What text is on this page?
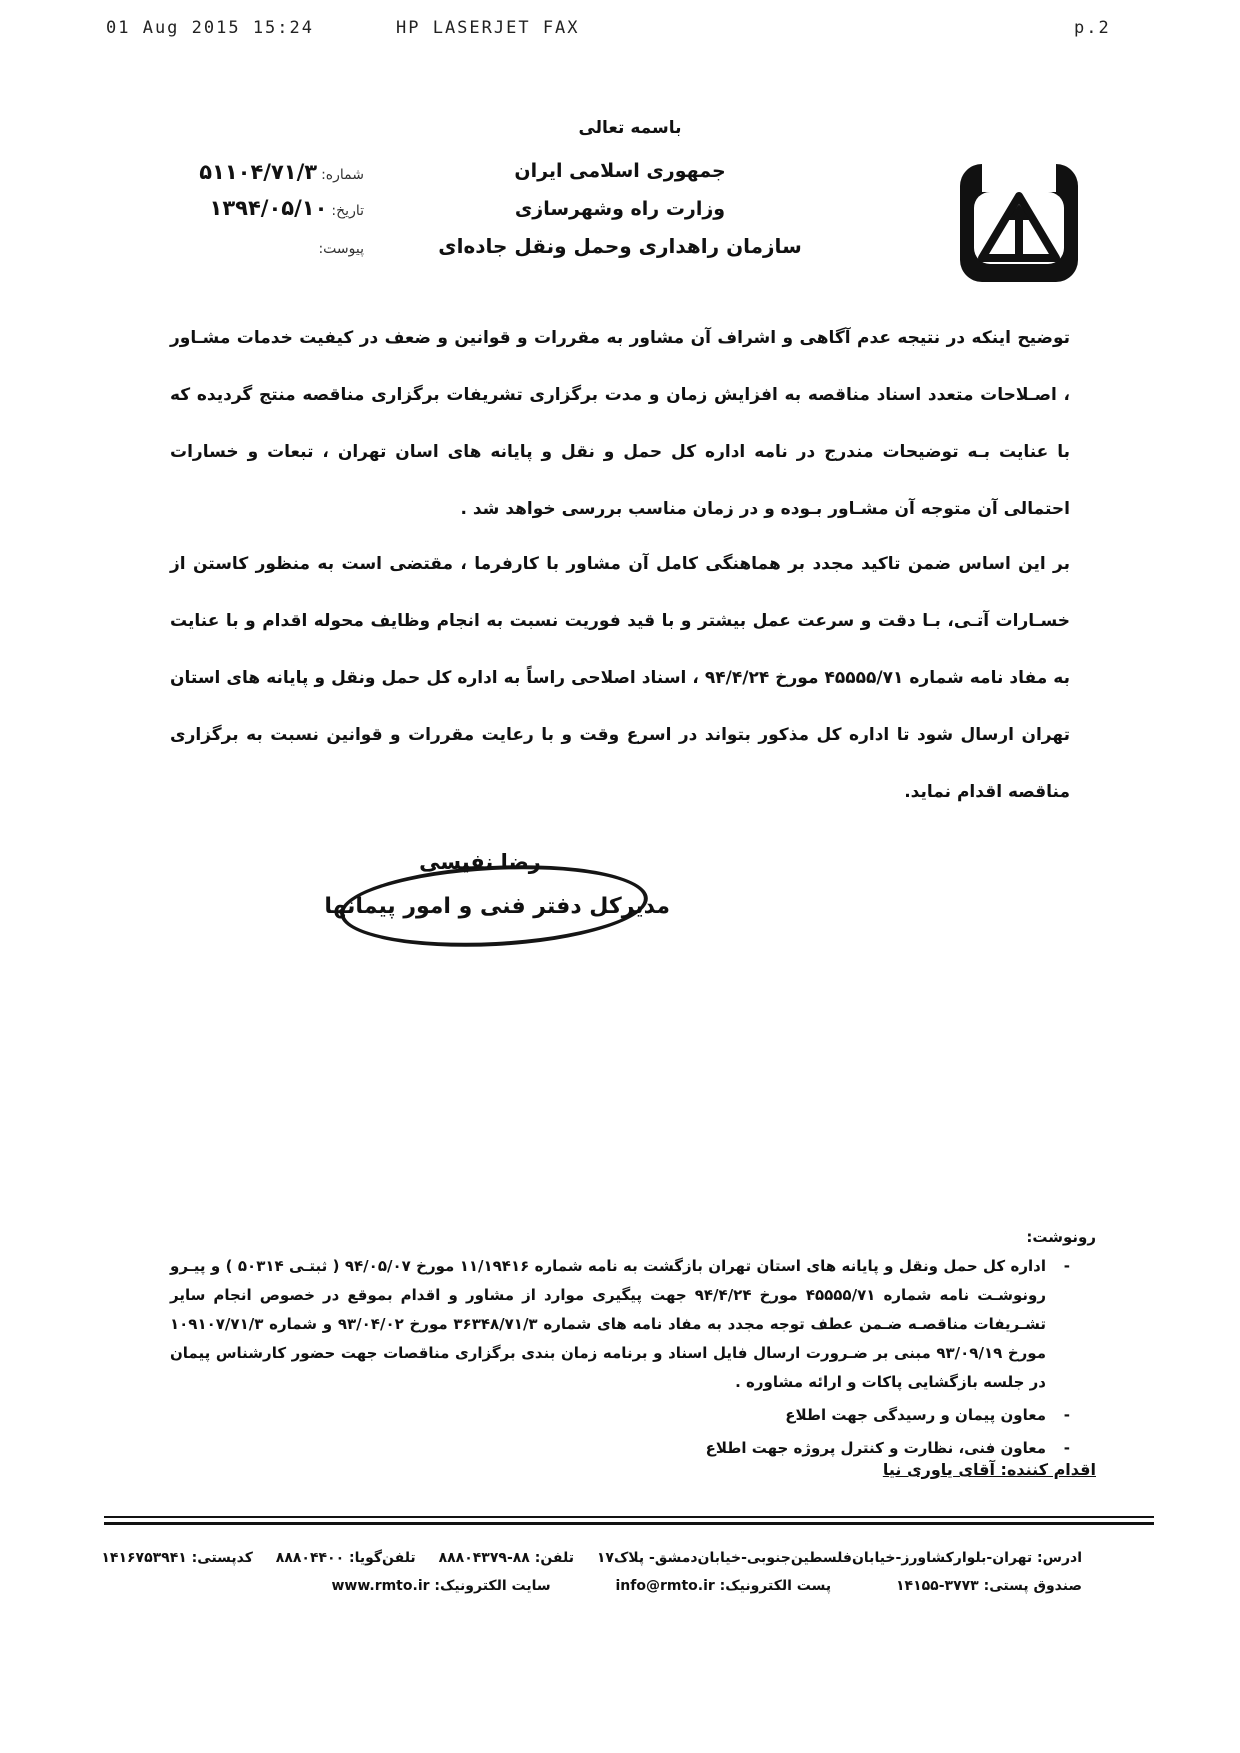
01 Aug 2015 15:24	HP LASERJET FAX	p.2
باسمه تعالی
جمهوری اسلامی ایران
وزارت راه وشهرسازی
سازمان راهداری وحمل ونقل جاده‌ای
شماره:۵۱۱۰۴/۷۱/۳
تاریخ:۱۳۹۴/۰۵/۱۰
پیوست:
توضیح اینکه در نتیجه عدم آگاهی و اشراف آن مشاور به مقررات و قوانین و ضعف در کیفیت خدمات مشـاور ، اصـلاحات متعدد اسناد مناقصه به افزایش زمان و مدت برگزاری تشریفات برگزاری مناقصه منتج گردیده که با عنایت بـه توضیحات مندرج در نامه اداره کل حمل و نقل و پایانه های اسان تهران ، تبعات و خسارات احتمالی آن متوجه آن مشـاور بـوده و در زمان مناسب بررسی خواهد شد .
بر این اساس ضمن تاکید مجدد بر هماهنگی کامل آن مشاور با کارفرما ، مقتضی است به منظور کاستن از خسـارات آتـی، بـا دقت و سرعت عمل بیشتر و با قید فوریت نسبت به انجام وظایف محوله اقدام و با عنایت به مفاد نامه شماره ۴۵۵۵۵/۷۱ مورخ ۹۴/۴/۲۴ ، اسناد اصلاحی راساً به اداره کل حمل ونقل و پایانه های استان تهران ارسال شود تا اداره کل مذکور بتواند در اسرع وقت و با رعایت مقررات و قوانین نسبت به برگزاری مناقصه اقدام نماید.
رضا نفیسی
مدیرکل دفتر فنی و امور پیمانها
رونوشت:
- اداره کل حمل ونقل و پایانه های استان تهران بازگشت به نامه شماره ۱۱/۱۹۴۱۶ مورخ ۹۴/۰۵/۰۷ ( ثبتـی ۵۰۳۱۴ ) و پیـرو رونوشـت نامه شماره ۴۵۵۵۵/۷۱ مورخ ۹۴/۴/۲۴ جهت پیگیری موارد از مشاور و اقدام بموقع در خصوص انجام سایر تشـریفات مناقصـه ضـمن عطف توجه مجدد به مفاد نامه های شماره ۳۶۳۴۸/۷۱/۳ مورخ ۹۳/۰۴/۰۲ و شماره ۱۰۹۱۰۷/۷۱/۳ مورخ ۹۳/۰۹/۱۹ مبنی بر ضـرورت ارسال فایل اسناد و برنامه زمان بندی برگزاری مناقصات جهت حضور کارشناس پیمان در جلسه بازگشایی پاکات و ارائه مشاوره .
- معاون پیمان و رسیدگی جهت اطلاع
- معاون فنی، نظارت و کنترل پروژه جهت اطلاع
اقدام کننده: آقای یاوری نیا
ادرس: تهران-بلوارکشاورز-خیابان‌فلسطین‌جنوبی-خیابان‌دمشق- پلاک۱۷ تلفن: ۸۸-۸۸۸۰۴۳۷۹ تلفن‌گویا: ۸۸۸۰۴۴۰۰ کدپستی: ۱۴۱۶۷۵۳۹۴۱
صندوق پستی: ۳۷۷۳-۱۴۱۵۵ پست الکترونیک: info@rmto.ir سایت الکترونیک: www.rmto.ir
